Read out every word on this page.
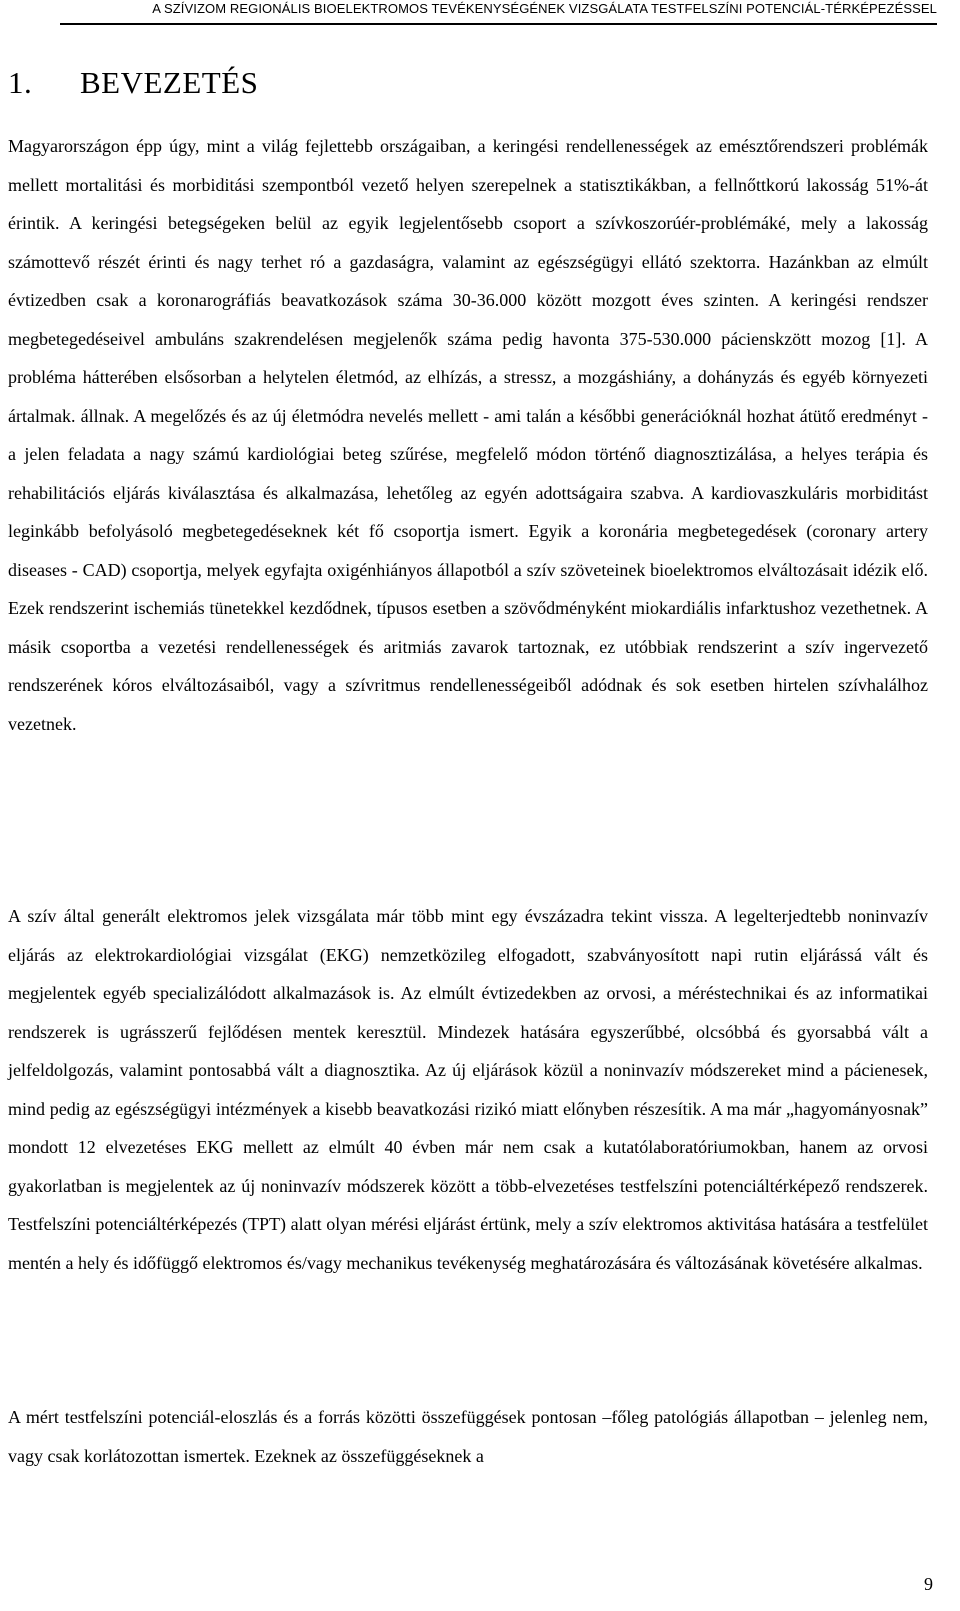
A SZÍVIZOM REGIONÁLIS BIOELEKTROMOS TEVÉKENYSÉGÉNEK VIZSGÁLATA TESTFELSZÍNI POTENCIÁL-TÉRKÉPEZÉSSEL
1. BEVEZETÉS

Magyarországon épp úgy, mint a világ fejlettebb országaiban, a keringési rendellenességek az emésztőrendszeri problémák mellett mortalitási és morbiditási szempontból vezető helyen szerepelnek a statisztikákban, a fellnőttkorú lakosság 51%-át érintik. A keringési betegségeken belül az egyik legjelentősebb csoport a szívkoszorúér-problémáké, mely a lakosság számottevő részét érinti és nagy terhet ró a gazdaságra, valamint az egészségügyi ellátó szektorra. Hazánkban az elmúlt évtizedben csak a koronarográfiás beavatkozások száma 30-36.000 között mozgott éves szinten. A keringési rendszer megbetegedéseivel ambuláns szakrendelésen megjelenők száma pedig havonta 375-530.000 pácienskzött mozog [1]. A probléma hátterében elsősorban a helytelen életmód, az elhízás, a stressz, a mozgáshiány, a dohányzás és egyéb környezeti ártalmak. állnak. A megelőzés és az új életmódra nevelés mellett - ami talán a későbbi generációknál hozhat átütő eredményt - a jelen feladata a nagy számú kardiológiai beteg szűrése, megfelelő módon történő diagnosztizálása, a helyes terápia és rehabilitációs eljárás kiválasztása és alkalmazása, lehetőleg az egyén adottságaira szabva. A kardiovaszkuláris morbiditást leginkább befolyásoló megbetegedéseknek két fő csoportja ismert. Egyik a koronária megbetegedések (coronary artery diseases - CAD) csoportja, melyek egyfajta oxigénhiányos állapotból a szív szöveteinek bioelektromos elváltozásait idézik elő. Ezek rendszerint ischemiás tünetekkel kezdődnek, típusos esetben a szövődményként miokardiális infarktushoz vezethetnek. A másik csoportba a vezetési rendellenességek és aritmiás zavarok tartoznak, ez utóbbiak rendszerint a szív ingervezető rendszerének kóros elváltozásaiból, vagy a szívritmus rendellenességeiből adódnak és sok esetben hirtelen szívhalálhoz vezetnek.

A szív által generált elektromos jelek vizsgálata már több mint egy évszázadra tekint vissza. A legelterjedtebb noninvazív eljárás az elektrokardiológiai vizsgálat (EKG) nemzetközileg elfogadott, szabványosított napi rutin eljárássá vált és megjelentek egyéb specializálódott alkalmazások is. Az elmúlt évtizedekben az orvosi, a méréstechnikai és az informatikai rendszerek is ugrásszerű fejlődésen mentek keresztül. Mindezek hatására egyszerűbbé, olcsóbbá és gyorsabbá vált a jelfeldolgozás, valamint pontosabbá vált a diagnosztika. Az új eljárások közül a noninvazív módszereket mind a pácienesek, mind pedig az egészségügyi intézmények a kisebb beavatkozási rizikó miatt előnyben részesítik. A ma már „hagyományosnak” mondott 12 elvezetéses EKG mellett az elmúlt 40 évben már nem csak a kutatólaboratóriumokban, hanem az orvosi gyakorlatban is megjelentek az új noninvazív módszerek között a több-elvezetéses testfelszíni potenciáltérképező rendszerek. Testfelszíni potenciáltérképezés (TPT) alatt olyan mérési eljárást értünk, mely a szív elektromos aktivitása hatására a testfelület mentén a hely és időfüggő elektromos és/vagy mechanikus tevékenység meghatározására és változásának követésére alkalmas.

A mért testfelszíni potenciál-eloszlás és a forrás közötti összefüggések pontosan –főleg patológiás állapotban – jelenleg nem, vagy csak korlátozottan ismertek. Ezeknek az összefüggéseknek a

9
